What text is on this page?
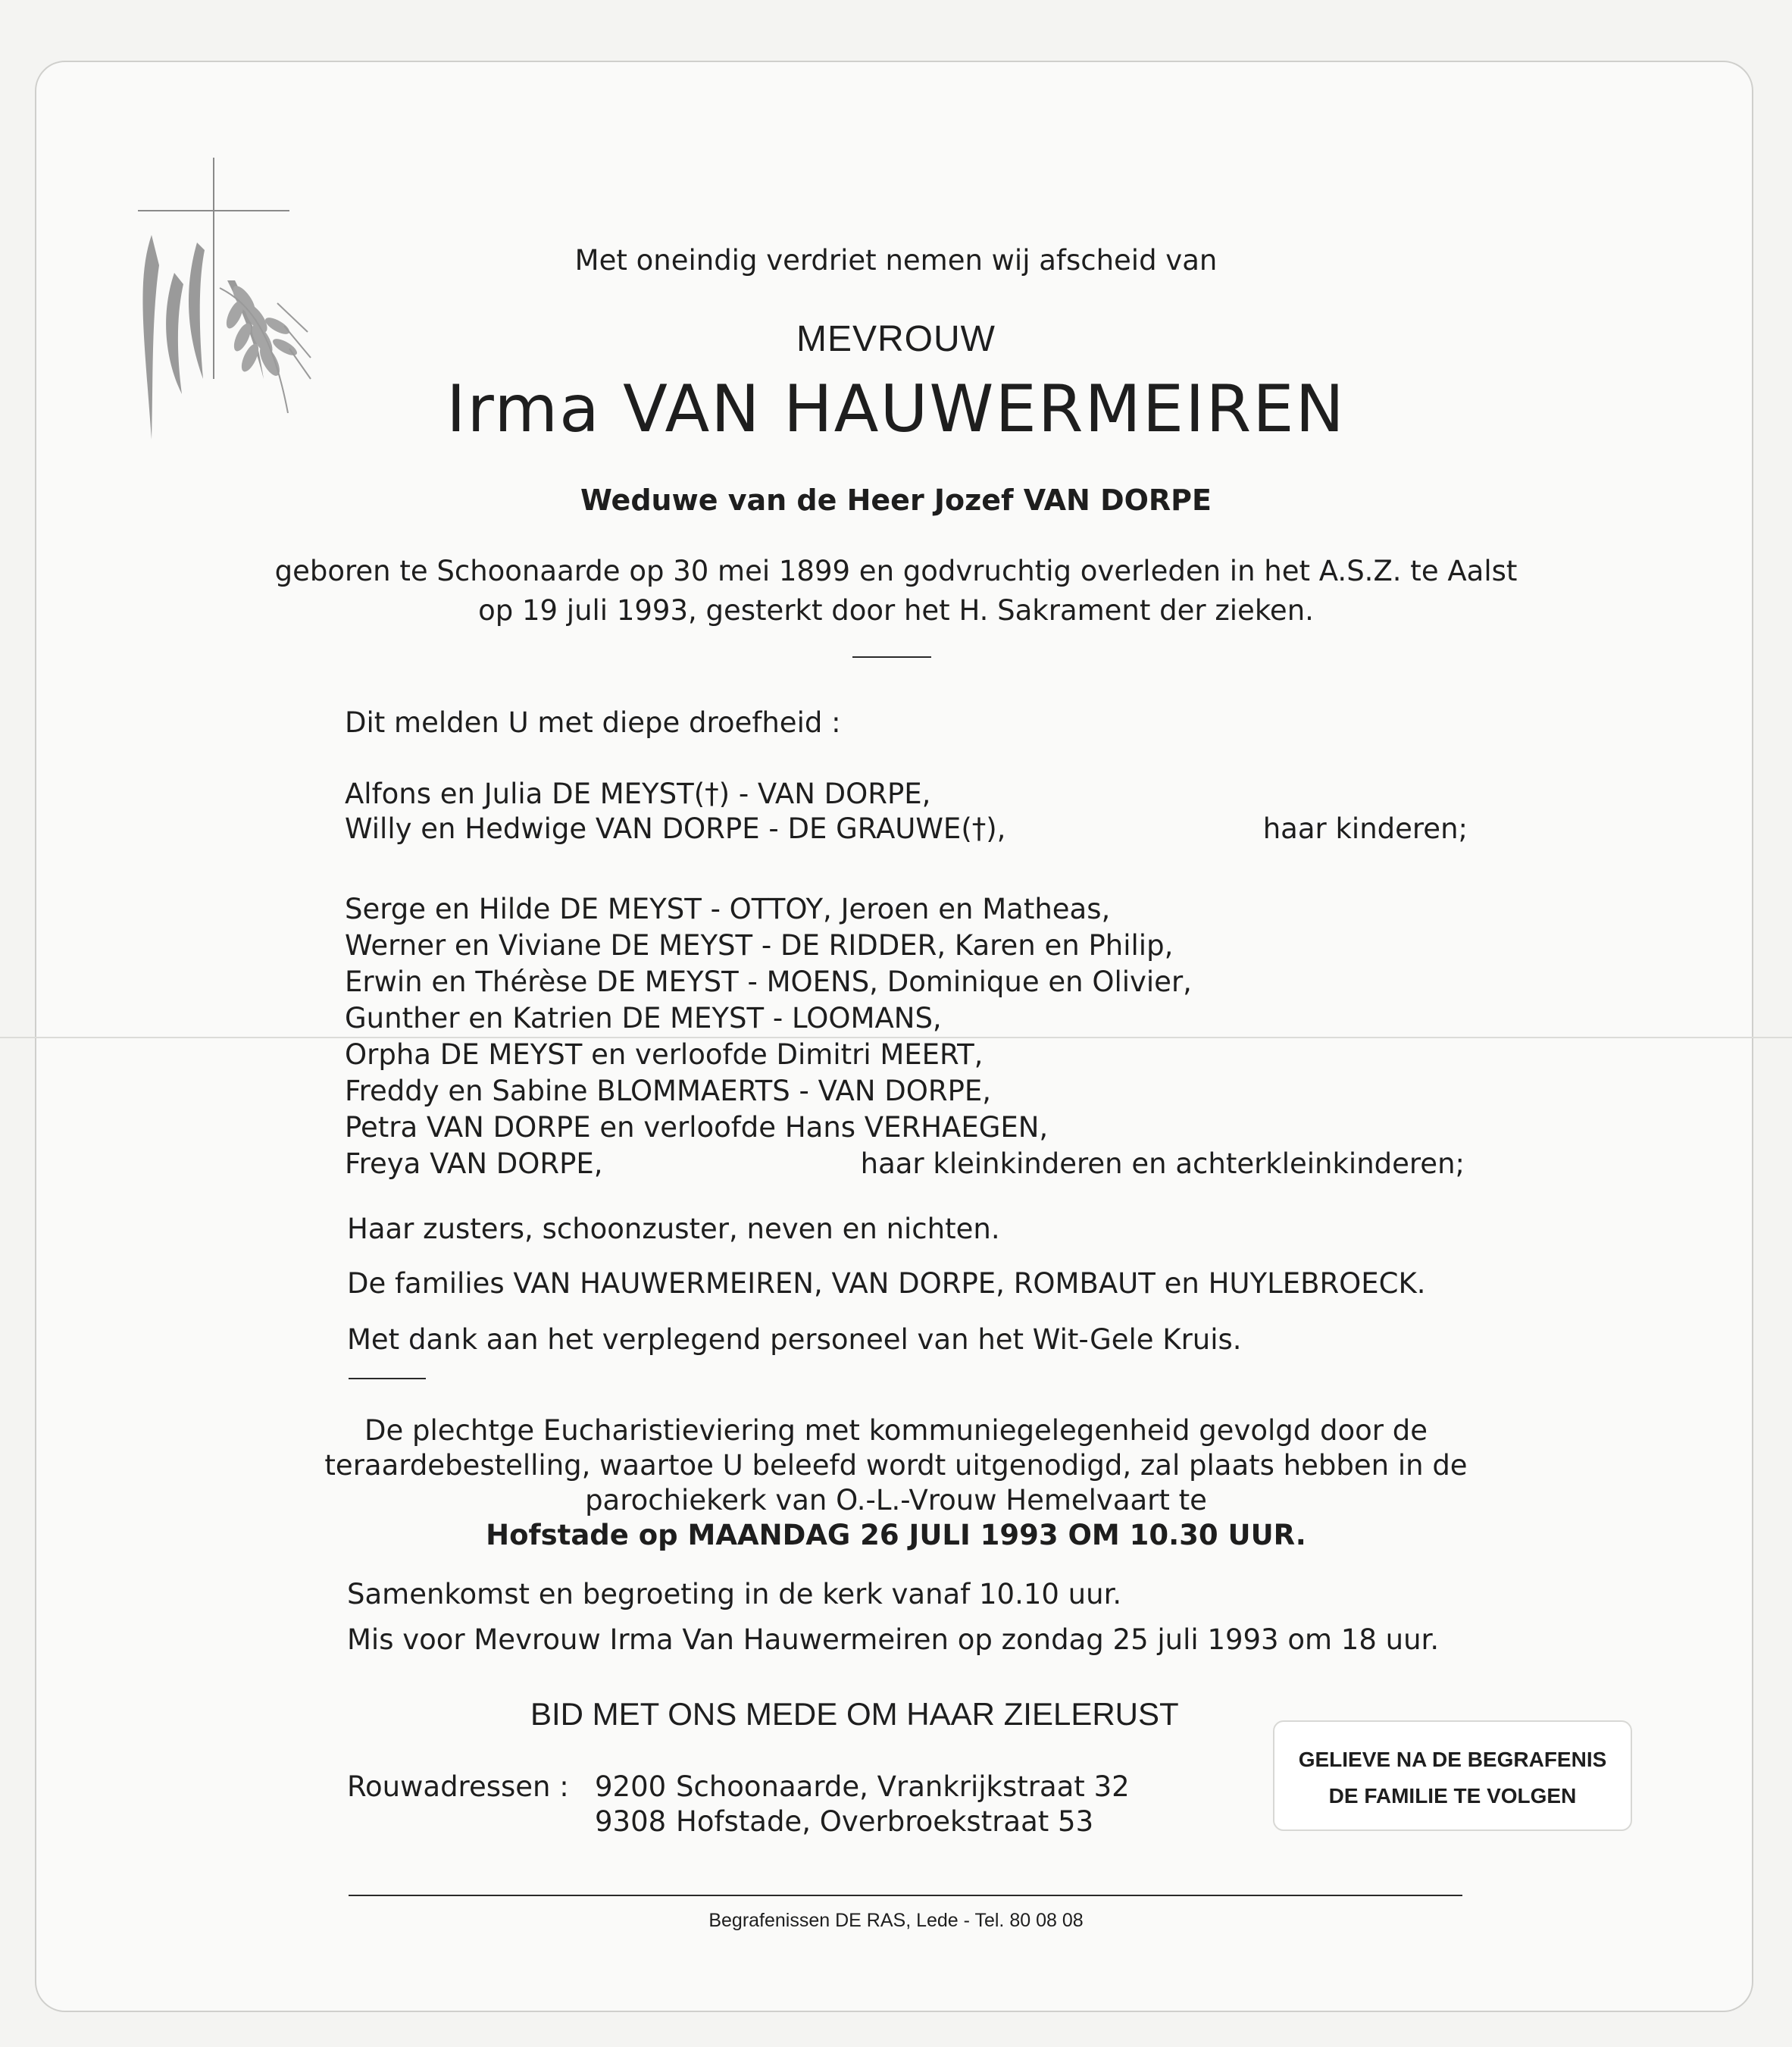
Met oneindig verdriet nemen wij afscheid van
MEVROUW
Irma VAN HAUWERMEIREN
Weduwe van de Heer Jozef VAN DORPE
geboren te Schoonaarde op 30 mei 1899 en godvruchtig overleden in het A.S.Z. te Aalst
op 19 juli 1993, gesterkt door het H. Sakrament der zieken.
Dit melden U met diepe droefheid :
Alfons en Julia DE MEYST(†) - VAN DORPE,
Willy en Hedwige VAN DORPE - DE GRAUWE(†),	haar kinderen;
Serge en Hilde DE MEYST - OTTOY, Jeroen en Matheas,
Werner en Viviane DE MEYST - DE RIDDER, Karen en Philip,
Erwin en Thérèse DE MEYST - MOENS, Dominique en Olivier,
Gunther en Katrien DE MEYST - LOOMANS,
Orpha DE MEYST en verloofde Dimitri MEERT,
Freddy en Sabine BLOMMAERTS - VAN DORPE,
Petra VAN DORPE en verloofde Hans VERHAEGEN,
Freya VAN DORPE,	haar kleinkinderen en achterkleinkinderen;
Haar zusters, schoonzuster, neven en nichten.
De families VAN HAUWERMEIREN, VAN DORPE, ROMBAUT en HUYLEBROECK.
Met dank aan het verplegend personeel van het Wit-Gele Kruis.
De plechtge Eucharistieviering met kommuniegelegenheid gevolgd door de
teraardebestelling, waartoe U beleefd wordt uitgenodigd, zal plaats hebben in de
parochiekerk van O.-L.-Vrouw Hemelvaart te
Hofstade op MAANDAG 26 JULI 1993 OM 10.30 UUR.
Samenkomst en begroeting in de kerk vanaf 10.10 uur.
Mis voor Mevrouw Irma Van Hauwermeiren op zondag 25 juli 1993 om 18 uur.
BID MET ONS MEDE OM HAAR ZIELERUST
Rouwadressen : 9200 Schoonaarde, Vrankrijkstraat 32
9308 Hofstade, Overbroekstraat 53
GELIEVE NA DE BEGRAFENIS
DE FAMILIE TE VOLGEN
Begrafenissen DE RAS, Lede - Tel. 80 08 08
